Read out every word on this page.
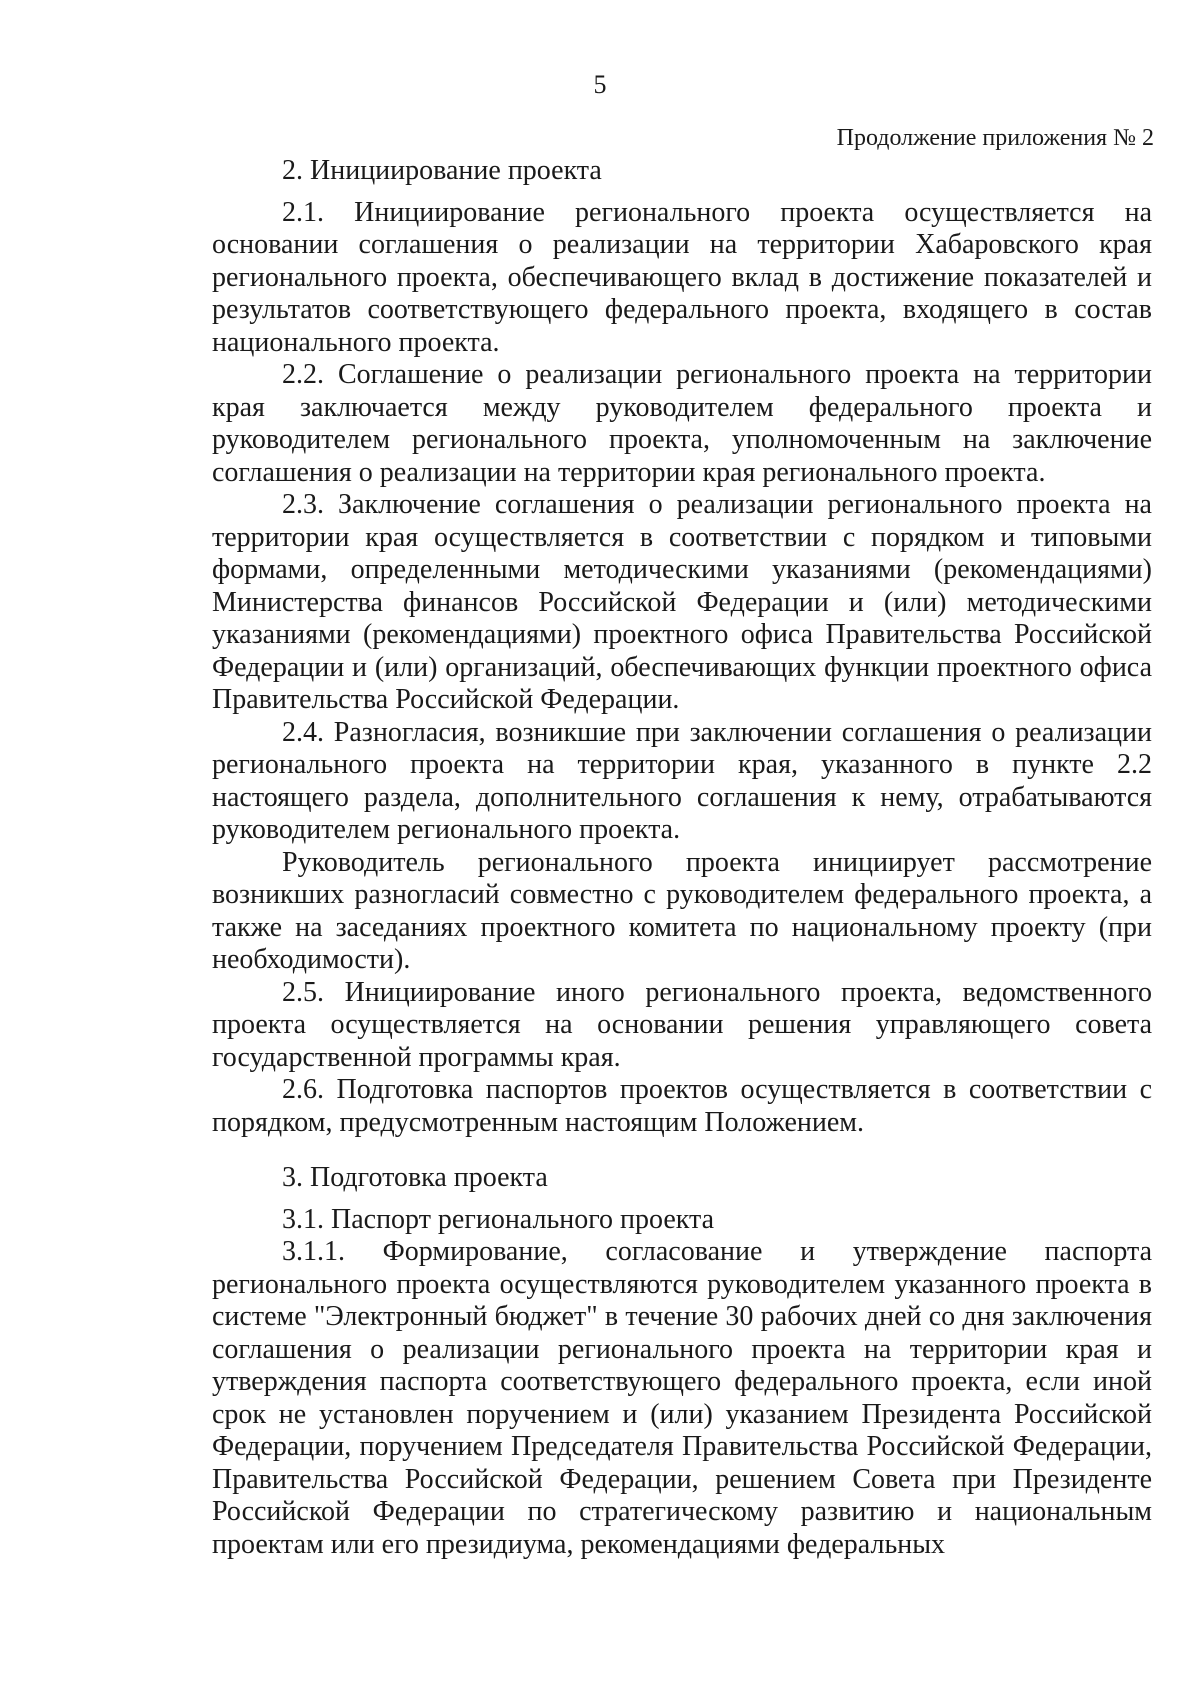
5
Продолжение приложения № 2
2. Инициирование проекта

2.1. Инициирование регионального проекта осуществляется на основании соглашения о реализации на территории Хабаровского края регионального проекта, обеспечивающего вклад в достижение показателей и результатов соответствующего федерального проекта, входящего в состав национального проекта.

2.2. Соглашение о реализации регионального проекта на территории края заключается между руководителем федерального проекта и руководителем регионального проекта, уполномоченным на заключение соглашения о реализации на территории края регионального проекта.

2.3. Заключение соглашения о реализации регионального проекта на территории края осуществляется в соответствии с порядком и типовыми формами, определенными методическими указаниями (рекомендациями) Министерства финансов Российской Федерации и (или) методическими указаниями (рекомендациями) проектного офиса Правительства Российской Федерации и (или) организаций, обеспечивающих функции проектного офиса Правительства Российской Федерации.

2.4. Разногласия, возникшие при заключении соглашения о реализации регионального проекта на территории края, указанного в пункте 2.2 настоящего раздела, дополнительного соглашения к нему, отрабатываются руководителем регионального проекта.

Руководитель регионального проекта инициирует рассмотрение возникших разногласий совместно с руководителем федерального проекта, а также на заседаниях проектного комитета по национальному проекту (при необходимости).

2.5. Инициирование иного регионального проекта, ведомственного проекта осуществляется на основании решения управляющего совета государственной программы края.

2.6. Подготовка паспортов проектов осуществляется в соответствии с порядком, предусмотренным настоящим Положением.

3. Подготовка проекта
3.1. Паспорт регионального проекта

3.1.1. Формирование, согласование и утверждение паспорта регионального проекта осуществляются руководителем указанного проекта в системе "Электронный бюджет" в течение 30 рабочих дней со дня заключения соглашения о реализации регионального проекта на территории края и утверждения паспорта соответствующего федерального проекта, если иной срок не установлен поручением и (или) указанием Президента Российской Федерации, поручением Председателя Правительства Российской Федерации, Правительства Российской Федерации, решением Совета при Президенте Российской Федерации по стратегическому развитию и национальным проектам или его президиума, рекомендациями федеральных
